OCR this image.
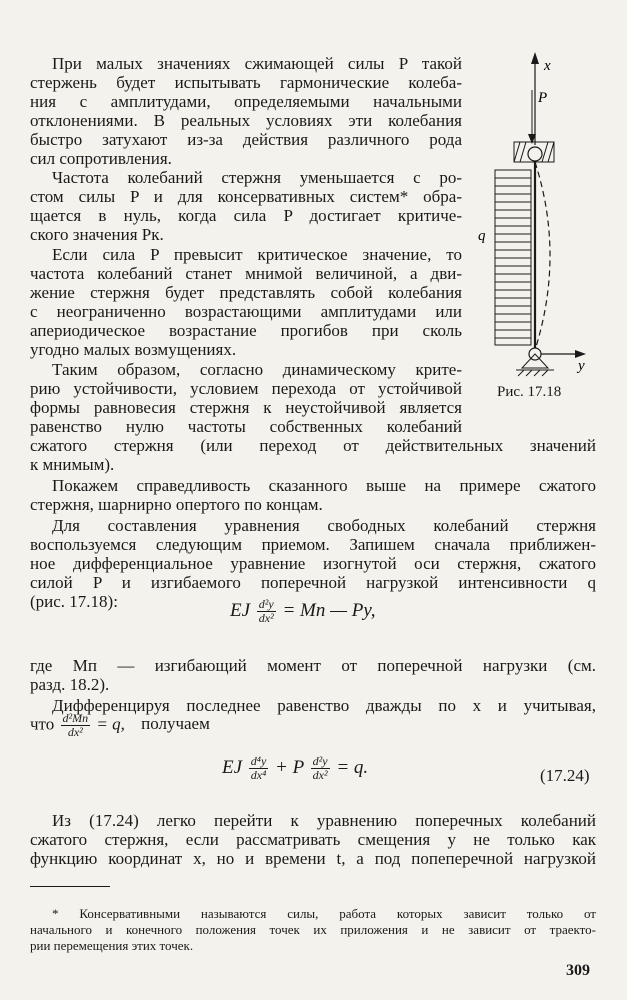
x
P
q
y
Рис. 17.18
При малых значениях сжимающей силы P такой
стержень будет испытывать гармонические колеба-
ния с амплитудами, определяемыми начальными
отклонениями. В реальных условиях эти колебания
быстро затухают из-за действия различного рода
сил сопротивления.
Частота колебаний стержня уменьшается с ро-
стом силы P и для консервативных систем* обра-
щается в нуль, когда сила P достигает критиче-
ского значения Pк.
Если сила P превысит критическое значение, то
частота колебаний станет мнимой величиной, а дви-
жение стержня будет представлять собой колебания
с неограниченно возрастающими амплитудами или
апериодическое возрастание прогибов при сколь
угодно малых возмущениях.
Таким образом, согласно динамическому крите-
рию устойчивости, условием перехода от устойчивой
формы равновесия стержня к неустойчивой является
равенство нулю частоты собственных колебаний
сжатого стержня (или переход от действительных значений
к мнимым).
Покажем справедливость сказанного выше на примере сжатого
стержня, шарнирно опертого по концам.
Для составления уравнения свободных колебаний стержня
воспользуемся следующим приемом. Запишем сначала приближен-
ное дифференциальное уравнение изогнутой оси стержня, сжатого
силой P и изгибаемого поперечной нагрузкой интенсивности q
(рис. 17.18):	EJ $\frac{\text{d²y}}{\text{dx²}}$ = Mп — Py,
где Mп — изгибающий момент от поперечной нагрузки (см.
разд. 18.2).
Дифференцируя последнее равенство дважды по x и учитывая,
что $\frac{\text{d²Mп}}{\text{dx²}} = q$, получаем
EJ $\frac{\text{d⁴y}}{\text{dx⁴}} + P \frac{\text{d²y}}{\text{dx²}} = q$.	(17.24)
Из (17.24) легко перейти к уравнению поперечных колебаний
сжатого стержня, если рассматривать смещения y не только как
функцию координат x, но и времени t, а под попеперечной нагрузкой
* Консервативными называются силы, работа которых зависит только от
начального и конечного положения точек их приложения и не зависит от траекто-
рии перемещения этих точек.
309
